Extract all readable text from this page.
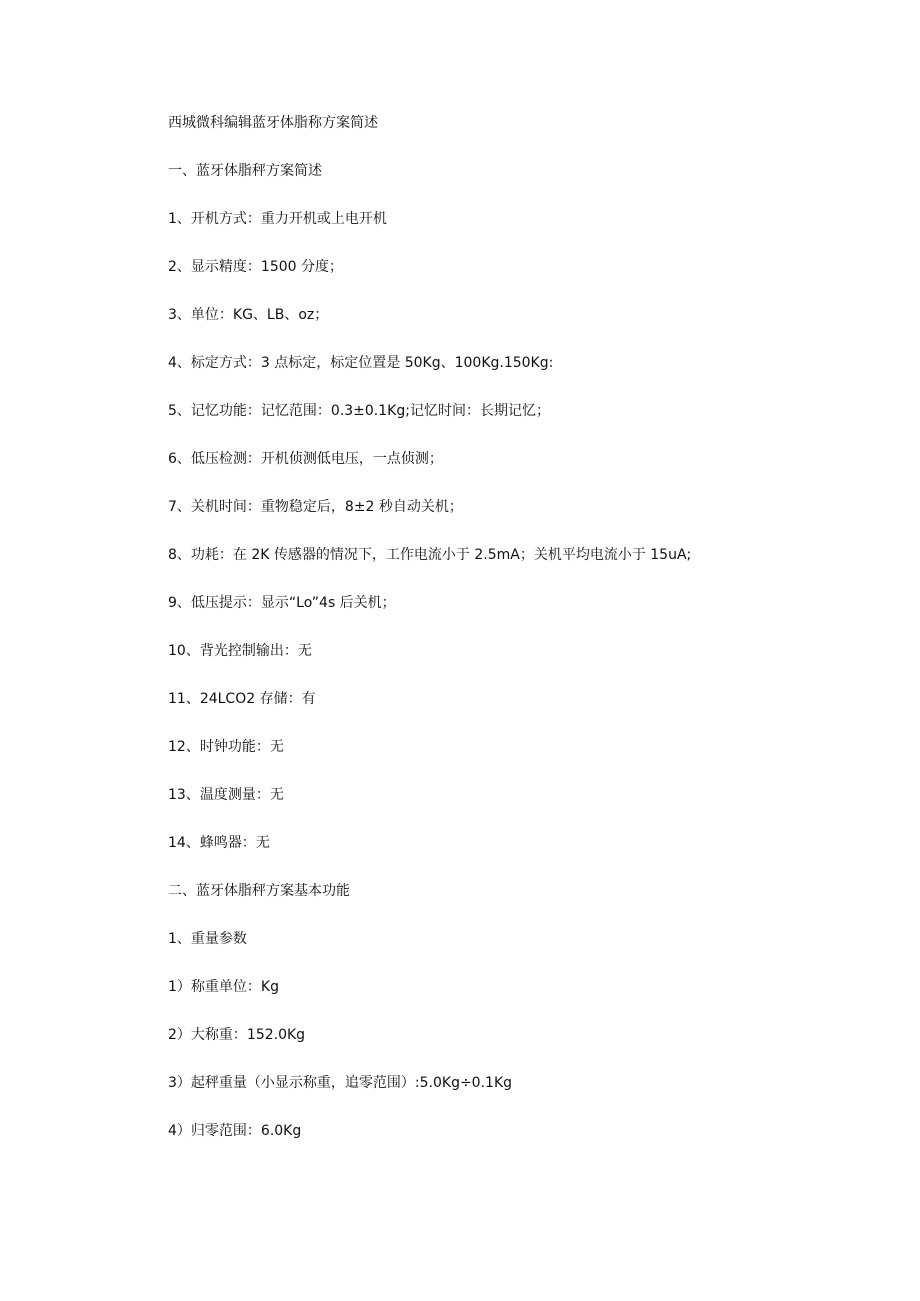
西城微科编辑蓝牙体脂称方案简述
一、蓝牙体脂秤方案简述
1、开机方式：重力开机或上电开机
2、显示精度：1500 分度；
3、单位：KG、LB、oz；
4、标定方式：3 点标定，标定位置是 50Kg、100Kg.150Kg:
5、记忆功能：记忆范围：0.3±0.1Kg;记忆时间：长期记忆；
6、低压检测：开机侦测低电压，一点侦测；
7、关机时间：重物稳定后，8±2 秒自动关机；
8、功耗：在 2K 传感器的情况下，工作电流小于 2.5mA；关机平均电流小于 15uA;
9、低压提示：显示“Lo”4s 后关机；
10、背光控制输出：无
11、24LCO2 存储：有
12、时钟功能：无
13、温度测量：无
14、蜂鸣器：无
二、蓝牙体脂秤方案基本功能
1、重量参数
1）称重单位：Kg
2）大称重：152.0Kg
3）起秤重量（小显示称重，追零范围）:5.0Kg÷0.1Kg
4）归零范围：6.0Kg
